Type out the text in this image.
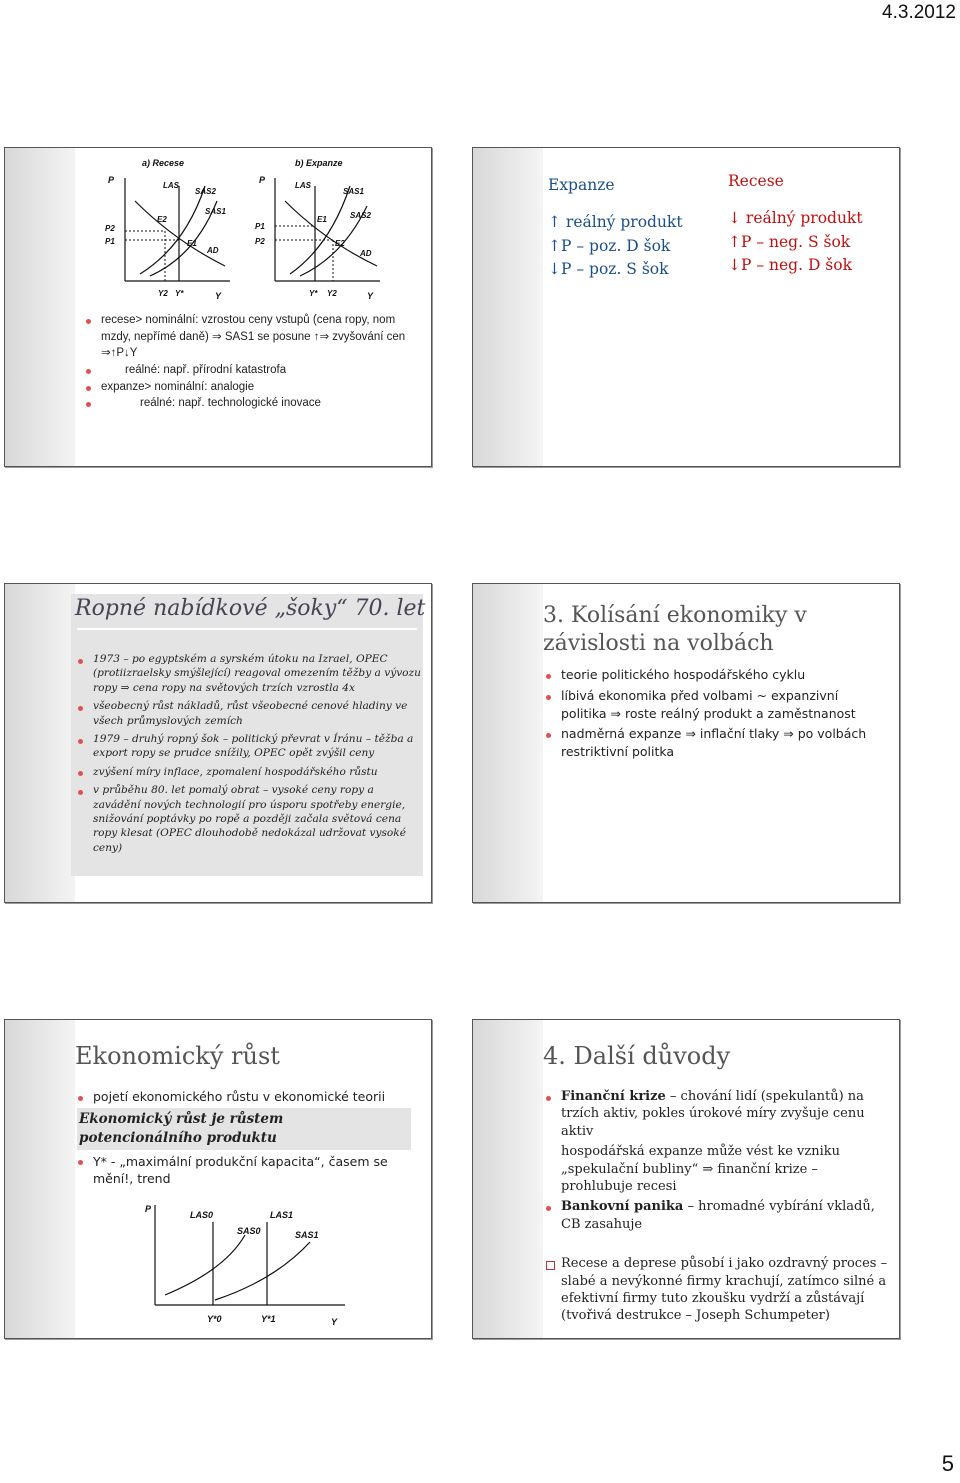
4.3.2012
a) Recese
P
Y
LAS
SAS2
SAS1
AD
E2
E1
P2
P1
Y2 Y*
b) Expanze
P
Y
LAS
SAS1
SAS2
AD
E1
E2
P1
P2
Y* Y2
recese> nominální: vzrostou ceny vstupů (cena ropy, nom mzdy, nepřímé daně) ⇒ SAS1 se posune ↑⇒ zvyšování cen ⇒↑P↓Y
reálné: např. přírodní katastrofa
expanze> nominální: analogie
reálné: např. technologické inovace
Expanze
↑ reálný produkt
↑P – poz. D šok
↓P – poz. S šok
Recese
↓ reálný produkt
↑P – neg. S šok
↓P – neg. D šok
Ropné nabídkové „šoky“ 70. let
1973 – po egyptském a syrském útoku na Izrael, OPEC (protiizraelsky smýšlející) reagoval omezením těžby a vývozu ropy ⇒ cena ropy na světových trzích vzrostla 4x
všeobecný růst nákladů, růst všeobecné cenové hladiny ve všech průmyslových zemích
1979 – druhý ropný šok – politický převrat v Íránu – těžba a export ropy se prudce snížily, OPEC opět zvýšil ceny
zvýšení míry inflace, zpomalení hospodářského růstu
v průběhu 80. let pomalý obrat – vysoké ceny ropy a zavádění nových technologií pro úsporu spotřeby energie, snižování poptávky po ropě a později začala světová cena ropy klesat (OPEC dlouhodobě nedokázal udržovat vysoké ceny)
3. Kolísání ekonomiky v závislosti na volbách
teorie politického hospodářského cyklu
líbivá ekonomika před volbami ~ expanzivní politika ⇒ roste reálný produkt a zaměstnanost
nadměrná expanze ⇒ inflační tlaky ⇒ po volbách restriktivní politka
Ekonomický růst
pojetí ekonomického růstu v ekonomické teorii
Ekonomický růst je růstem potencionálního produktu
Y* - „maximální produkční kapacita“, časem se mění!, trend
P
Y
LAS0	LAS1
SAS0	SAS1
Y*0	Y*1
4. Další důvody
Finanční krize – chování lidí (spekulantů) na trzích aktiv, pokles úrokové míry zvyšuje cenu aktiv
hospodářská expanze může vést ke vzniku „spekulační bubliny“ ⇒ finanční krize – prohlubuje recesi
Bankovní panika – hromadné vybírání vkladů, CB zasahuje
Recese a deprese působí i jako ozdravný proces – slabé a nevýkonné firmy krachují, zatímco silné a efektivní firmy tuto zkoušku vydrží a zůstávají (tvořivá destrukce – Joseph Schumpeter)
5
